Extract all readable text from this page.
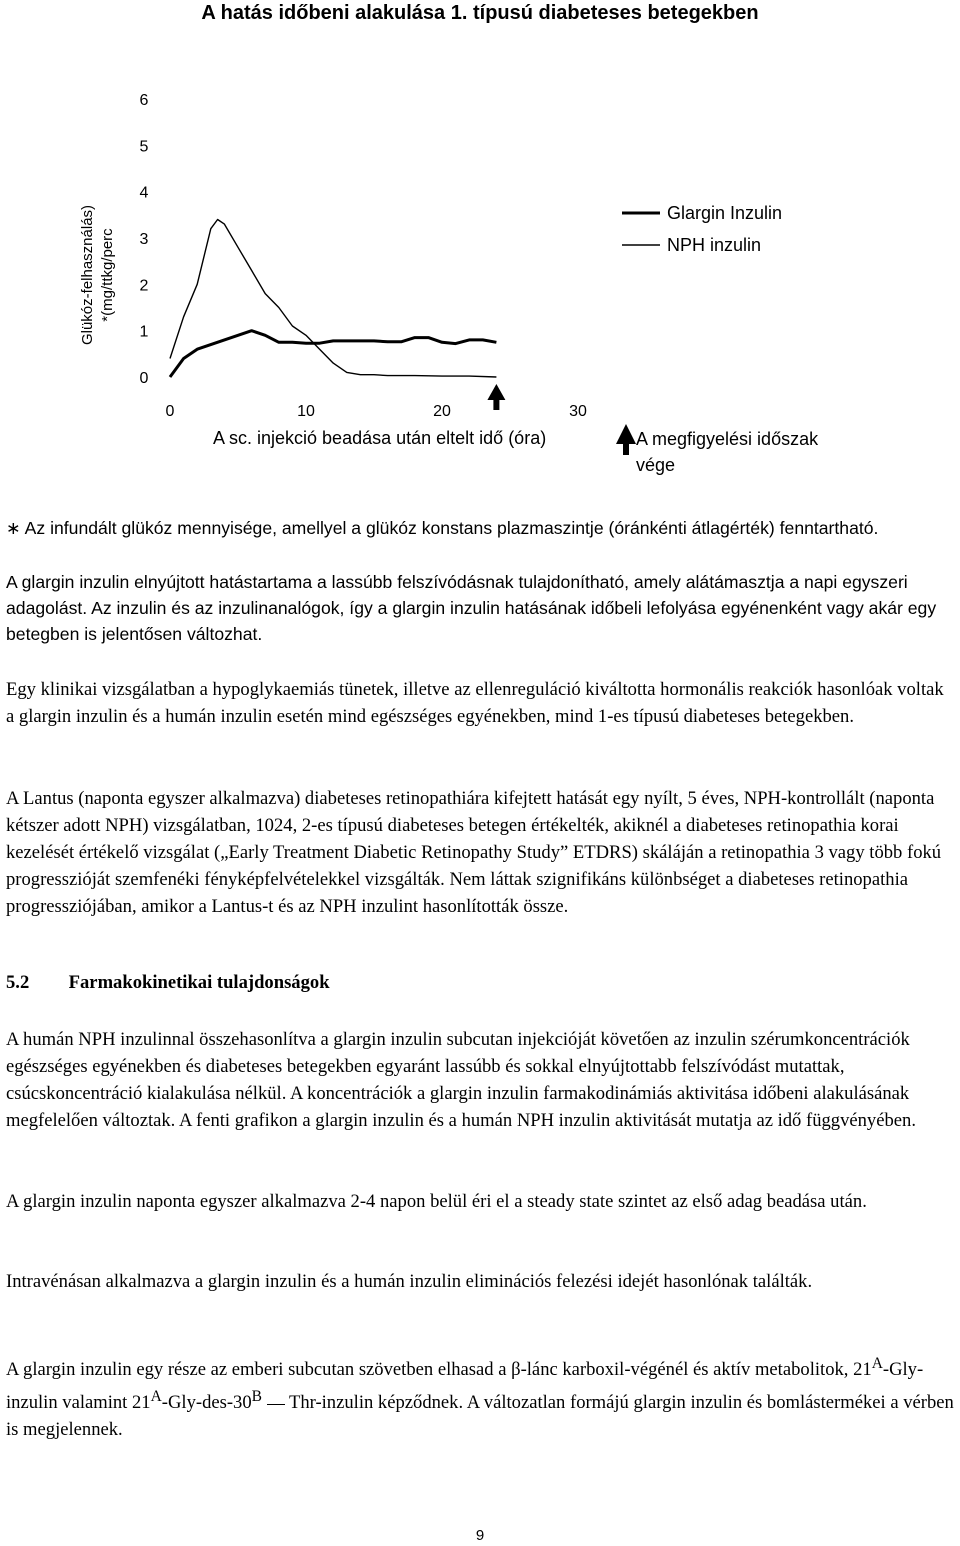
A hatás időbeni alakulása 1. típusú diabeteses betegekben
0
1
2
3
4
5
6
0	10	20	30
Glükóz-felhasználás) *(mg/ttkg/perc
A sc. injekció beadása után eltelt idő (óra)
Glargin Inzulin
NPH inzulin
A megfigyelési időszak vége

∗ Az infundált glükóz mennyisége, amellyel a glükóz konstans plazmaszintje (óránkénti átlagérték) fenntartható.

A glargin inzulin elnyújtott hatástartama a lassúbb felszívódásnak tulajdonítható, amely alátámasztja a napi egyszeri adagolást. Az inzulin és az inzulinanalógok, így a glargin inzulin hatásának időbeli lefolyása egyénenként vagy akár egy betegben is jelentősen változhat.

Egy klinikai vizsgálatban a hypoglykaemiás tünetek, illetve az ellenreguláció kiváltotta hormonális reakciók hasonlóak voltak a glargin inzulin és a humán inzulin esetén mind egészséges egyénekben, mind 1-es típusú diabeteses betegekben.

A Lantus (naponta egyszer alkalmazva) diabeteses retinopathiára kifejtett hatását egy nyílt, 5 éves, NPH-kontrollált (naponta kétszer adott NPH) vizsgálatban, 1024, 2-es típusú diabeteses betegen értékelték, akiknél a diabeteses retinopathia korai kezelését értékelő vizsgálat („Early Treatment Diabetic Retinopathy Study” ETDRS) skáláján a retinopathia 3 vagy több fokú progresszióját szemfenéki fényképfelvételekkel vizsgálták. Nem láttak szignifikáns különbséget a diabeteses retinopathia progressziójában, amikor a Lantus-t és az NPH inzulint hasonlították össze.

5.2 Farmakokinetikai tulajdonságok

A humán NPH inzulinnal összehasonlítva a glargin inzulin subcutan injekcióját követően az inzulin szérumkoncentrációk egészséges egyénekben és diabeteses betegekben egyaránt lassúbb és sokkal elnyújtottabb felszívódást mutattak, csúcskoncentráció kialakulása nélkül. A koncentrációk a glargin inzulin farmakodinámiás aktivitása időbeni alakulásának megfelelően változtak. A fenti grafikon a glargin inzulin és a humán NPH inzulin aktivitását mutatja az idő függvényében.

A glargin inzulin naponta egyszer alkalmazva 2-4 napon belül éri el a steady state szintet az első adag beadása után.

Intravénásan alkalmazva a glargin inzulin és a humán inzulin eliminációs felezési idejét hasonlónak találták.

A glargin inzulin egy része az emberi subcutan szövetben elhasad a β-lánc karboxil-végénél és aktív metabolitok, $21^A-Gly$-inzulin valamint $21^A-Gly-des-30^B$  Thr-inzulin képződnek. A változatlan formájú glargin inzulin és bomlástermékei a vérben is megjelennek.

9
